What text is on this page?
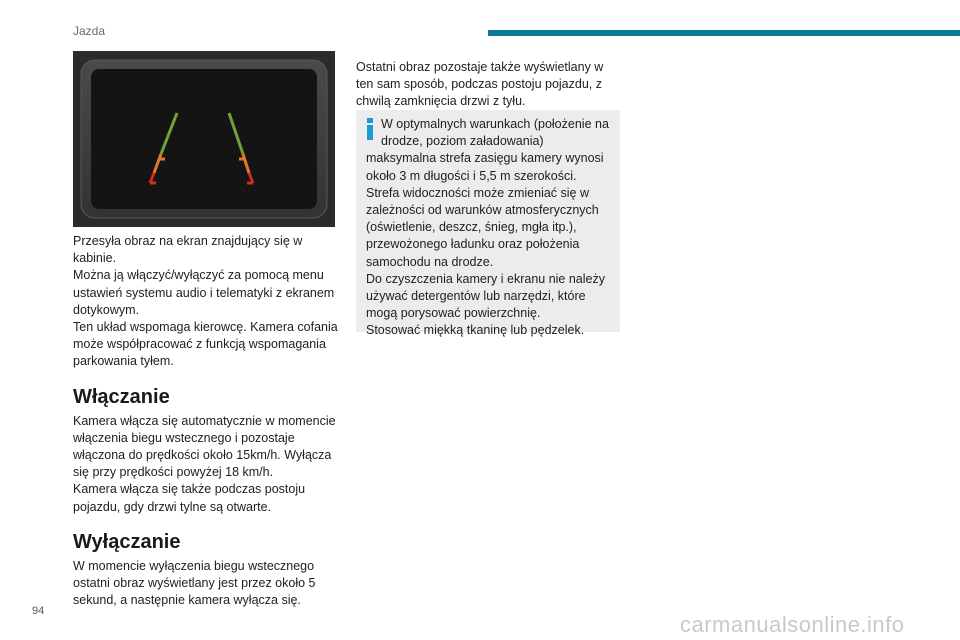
Jazda

Przesyła obraz na ekran znajdujący się w kabinie.

Można ją włączyć/wyłączyć za pomocą menu ustawień systemu audio i telematyki z ekranem dotykowym.

Ten układ wspomaga kierowcę. Kamera cofania może współpracować z funkcją wspomagania parkowania tyłem.

Włączanie

Kamera włącza się automatycznie w momencie włączenia biegu wstecznego i pozostaje włączona do prędkości około 15km/h. Wyłącza się przy prędkości powyżej 18 km/h.

Kamera włącza się także podczas postoju pojazdu, gdy drzwi tylne są otwarte.

Wyłączanie

W momencie wyłączenia biegu wstecznego ostatni obraz wyświetlany jest przez około 5 sekund, a następnie kamera wyłącza się.

Ostatni obraz pozostaje także wyświetlany w ten sam sposób, podczas postoju pojazdu, z chwilą zamknięcia drzwi z tyłu.

W optymalnych warunkach (położenie na drodze, poziom załadowania)

maksymalna strefa zasięgu kamery wynosi około 3 m długości i 5,5 m szerokości.

Strefa widoczności może zmieniać się w zależności od warunków atmosferycznych (oświetlenie, deszcz, śnieg, mgła itp.), przewożonego ładunku oraz położenia samochodu na drodze.

Do czyszczenia kamery i ekranu nie należy używać detergentów lub narzędzi, które mogą porysować powierzchnię.

Stosować miękką tkaninę lub pędzelek.

94
carmanualsonline.info
